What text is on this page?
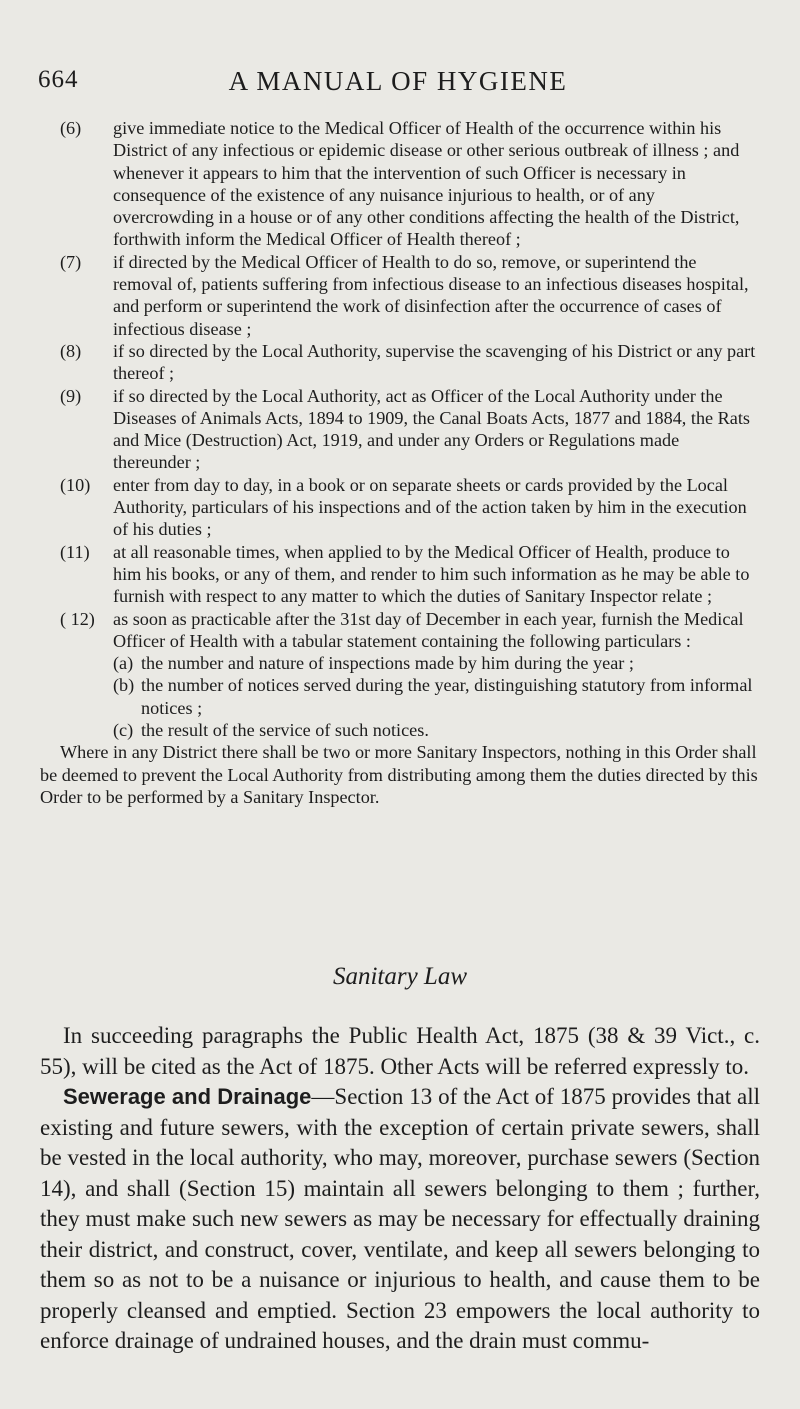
664	A MANUAL OF HYGIENE
(6) give immediate notice to the Medical Officer of Health of the occurrence within his District of any infectious or epidemic disease or other serious outbreak of illness ; and whenever it appears to him that the intervention of such Officer is necessary in consequence of the existence of any nuisance injurious to health, or of any overcrowding in a house or of any other conditions affecting the health of the District, forthwith inform the Medical Officer of Health thereof ;
(7) if directed by the Medical Officer of Health to do so, remove, or superintend the removal of, patients suffering from infectious disease to an infectious diseases hospital, and perform or superintend the work of disinfection after the occurrence of cases of infectious disease ;
(8) if so directed by the Local Authority, supervise the scavenging of his District or any part thereof ;
(9) if so directed by the Local Authority, act as Officer of the Local Authority under the Diseases of Animals Acts, 1894 to 1909, the Canal Boats Acts, 1877 and 1884, the Rats and Mice (Destruction) Act, 1919, and under any Orders or Regulations made thereunder ;
(10) enter from day to day, in a book or on separate sheets or cards provided by the Local Authority, particulars of his inspections and of the action taken by him in the execution of his duties ;
(11) at all reasonable times, when applied to by the Medical Officer of Health, produce to him his books, or any of them, and render to him such information as he may be able to furnish with respect to any matter to which the duties of Sanitary Inspector relate ;
( 12) as soon as practicable after the 31st day of December in each year, furnish the Medical Officer of Health with a tabular statement containing the following particulars :
(a) the number and nature of inspections made by him during the year ;
(b) the number of notices served during the year, distinguishing statutory from informal notices ;
(c) the result of the service of such notices.
Where in any District there shall be two or more Sanitary Inspectors, nothing in this Order shall be deemed to prevent the Local Authority from distributing among them the duties directed by this Order to be performed by a Sanitary Inspector.
Sanitary Law

In succeeding paragraphs the Public Health Act, 1875 (38 & 39 Vict., c. 55), will be cited as the Act of 1875. Other Acts will be referred expressly to.

Sewerage and Drainage—Section 13 of the Act of 1875 provides that all existing and future sewers, with the exception of certain private sewers, shall be vested in the local authority, who may, moreover, purchase sewers (Section 14), and shall (Section 15) maintain all sewers belonging to them ; further, they must make such new sewers as may be necessary for effectually draining their district, and construct, cover, ventilate, and keep all sewers belonging to them so as not to be a nuisance or injurious to health, and cause them to be properly cleansed and emptied. Section 23 empowers the local authority to enforce drainage of undrained houses, and the drain must commu-
